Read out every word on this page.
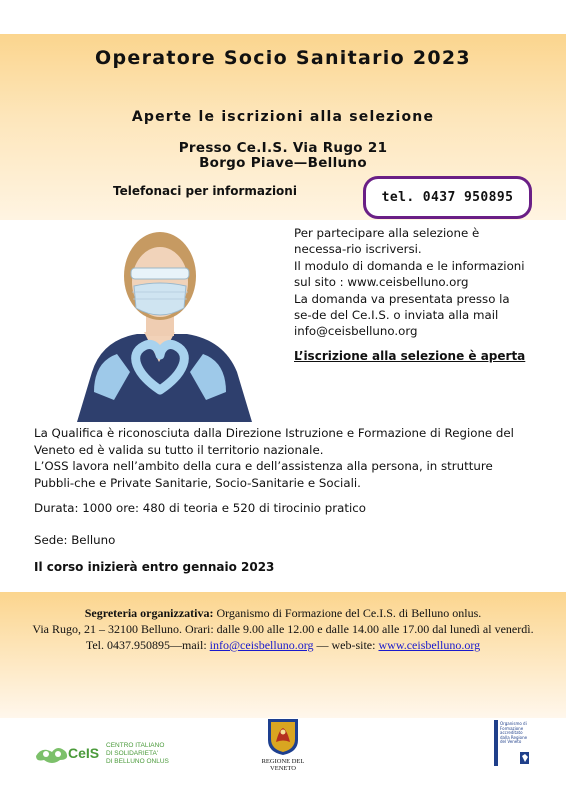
Operatore Socio Sanitario 2023
Aperte le iscrizioni alla selezione
Presso Ce.I.S. Via Rugo 21
Borgo Piave—Belluno
Telefonaci per informazioni	tel. 0437 950895

Per partecipare alla selezione è necessa-rio iscriversi.

Il modulo di domanda e le informazioni sul sito : www.ceisbelluno.org

La domanda va presentata presso la se-de del Ce.I.S. o inviata alla mail info@ceisbelluno.org

L’iscrizione alla selezione è aperta

La Qualifica è riconosciuta dalla Direzione Istruzione e Formazione di Regione del Veneto ed è valida su tutto il territorio nazionale.

L’OSS lavora nell’ambito della cura e dell’assistenza alla persona, in strutture Pubbli-che e Private Sanitarie, Socio-Sanitarie e Sociali.

Durata: 1000 ore: 480 di teoria e 520 di tirocinio pratico
Sede: Belluno
Il corso inizierà entro gennaio 2023

Segreteria organizzativa: Organismo di Formazione del Ce.I.S. di Belluno onlus.

Via Rugo, 21 – 32100 Belluno. Orari: dalle 9.00 alle 12.00 e dalle 14.00 alle 17.00 dal lunedì al venerdì.

Tel. 0437.950895—mail: info@ceisbelluno.org — web-site: www.ceisbelluno.org

CeIS CENTRO ITALIANO
DI SOLIDARIETA'
DI BELLUNO ONLUS	REGIONE DEL VENETO
Organismo di Formazione accreditato dalla Regione del Veneto
